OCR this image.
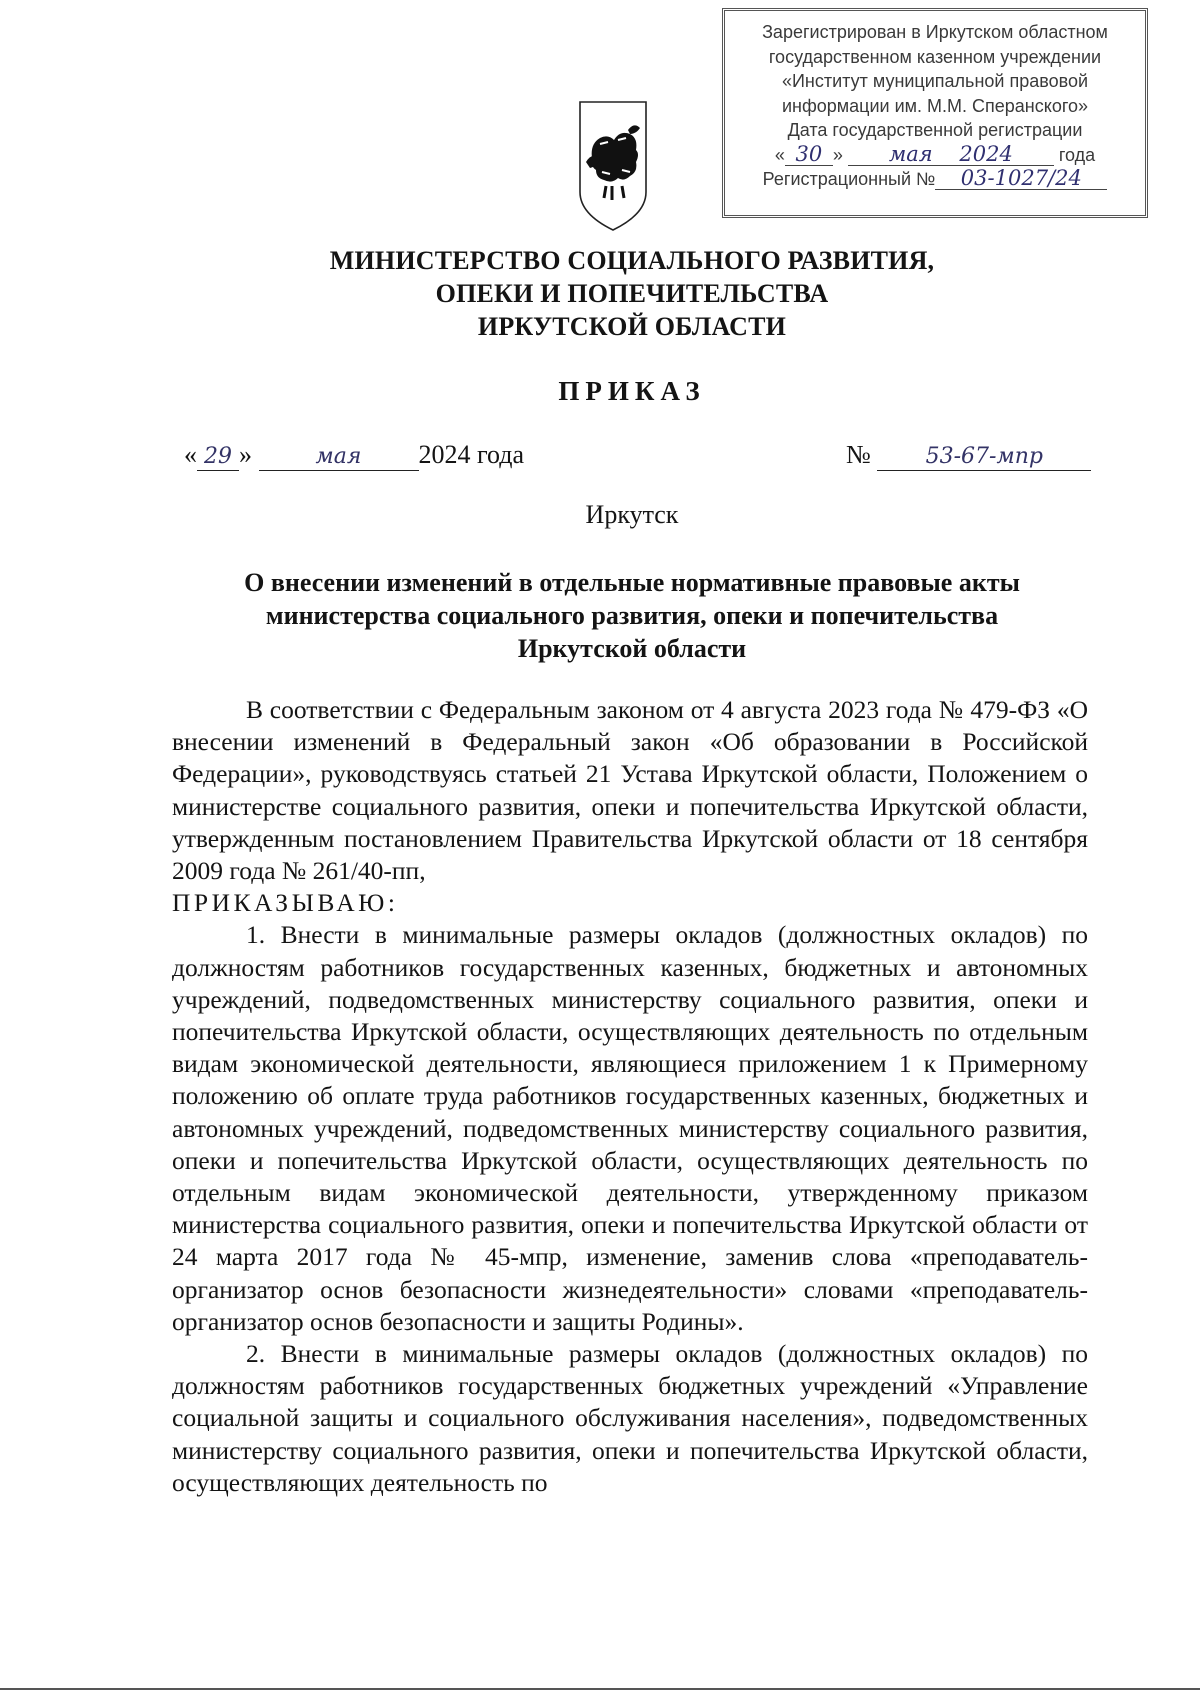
Зарегистрирован в Иркутском областном
государственном казенном учреждении
«Институт муниципальной правовой
информации им. М.М. Сперанского»
Дата государственной регистрации
« 30 » мая 2024	года
Регистрационный № 03-1027/24
МИНИСТЕРСТВО СОЦИАЛЬНОГО РАЗВИТИЯ,
ОПЕКИ И ПОПЕЧИТЕЛЬСТВА
ИРКУТСКОЙ ОБЛАСТИ
ПРИКАЗ
« 29 »	мая 2024 года	№ 53-67-мпр
Иркутск
О внесении изменений в отдельные нормативные правовые акты
министерства социального развития, опеки и попечительства
Иркутской области

В соответствии с Федеральным законом от 4 августа 2023 года № 479-ФЗ «О внесении изменений в Федеральный закон «Об образовании в Российской Федерации», руководствуясь статьей 21 Устава Иркутской области, Положением о министерстве социального развития, опеки и попечительства Иркутской области, утвержденным постановлением Правительства Иркутской области от 18 сентября 2009 года № 261/40-пп,

ПРИКАЗЫВАЮ:

1. Внести в минимальные размеры окладов (должностных окладов) по должностям работников государственных казенных, бюджетных и автономных учреждений, подведомственных министерству социального развития, опеки и попечительства Иркутской области, осуществляющих деятельность по отдельным видам экономической деятельности, являющиеся приложением 1 к Примерному положению об оплате труда работников государственных казенных, бюджетных и автономных учреждений, подведомственных министерству социального развития, опеки и попечительства Иркутской области, осуществляющих деятельность по отдельным видам экономической деятельности, утвержденному приказом министерства социального развития, опеки и попечительства Иркутской области от 24 марта 2017 года № 45-мпр, изменение, заменив слова «преподаватель-организатор основ безопасности жизнедеятельности» словами «преподаватель-организатор основ безопасности и защиты Родины».

2. Внести в минимальные размеры окладов (должностных окладов) по должностям работников государственных бюджетных учреждений «Управление социальной защиты и социального обслуживания населения», подведомственных министерству социального развития, опеки и попечительства Иркутской области, осуществляющих деятельность по
